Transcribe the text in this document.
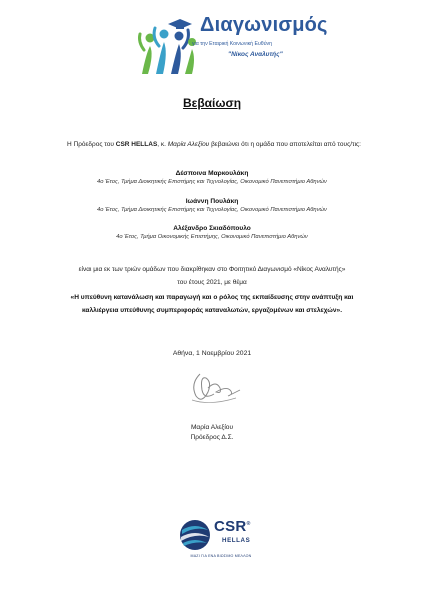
Διαγωνισμός
για την Εταιρική Κοινωνική Ευθύνη
"Νίκος Αναλυτής"
Βεβαίωση
Η Πρόεδρος του CSR HELLAS, κ. Μαρία Αλεξίου βεβαιώνει ότι η ομάδα που αποτελείται από τους/τις:
Δέσποινα Μαρκουλάκη
4ο Έτος, Τμήμα Διοικητικής Επιστήμης και Τεχνολογίας, Οικονομικό Πανεπιστήμιο Αθηνών
Ιωάννη Πουλάκη
4ο Έτος, Τμήμα Διοικητικής Επιστήμης και Τεχνολογίας, Οικονομικό Πανεπιστήμιο Αθηνών
Αλέξανδρο Σκιαδόπουλο
4ο Έτος, Τμήμα Οικονομικής Επιστήμης, Οικονομικό Πανεπιστήμιο Αθηνών
είναι μια εκ των τριών ομάδων που διακρίθηκαν στο Φοιτητικό Διαγωνισμό «Νίκος Αναλυτής»
του έτους 2021, με θέμα
«Η υπεύθυνη κατανάλωση και παραγωγή και ο ρόλος της εκπαίδευσης στην ανάπτυξη και
καλλιέργεια υπεύθυνης συμπεριφοράς καταναλωτών, εργαζομένων και στελεχών».
Αθήνα, 1 Νοεμβρίου 2021
Μαρία Αλεξίου
Πρόεδρος Δ.Σ.
CSR®
HELLAS
ΜΑΖΙ ΓΙΑ ΕΝΑ ΒΙΩΣΙΜΟ ΜΕΛΛΟΝ
